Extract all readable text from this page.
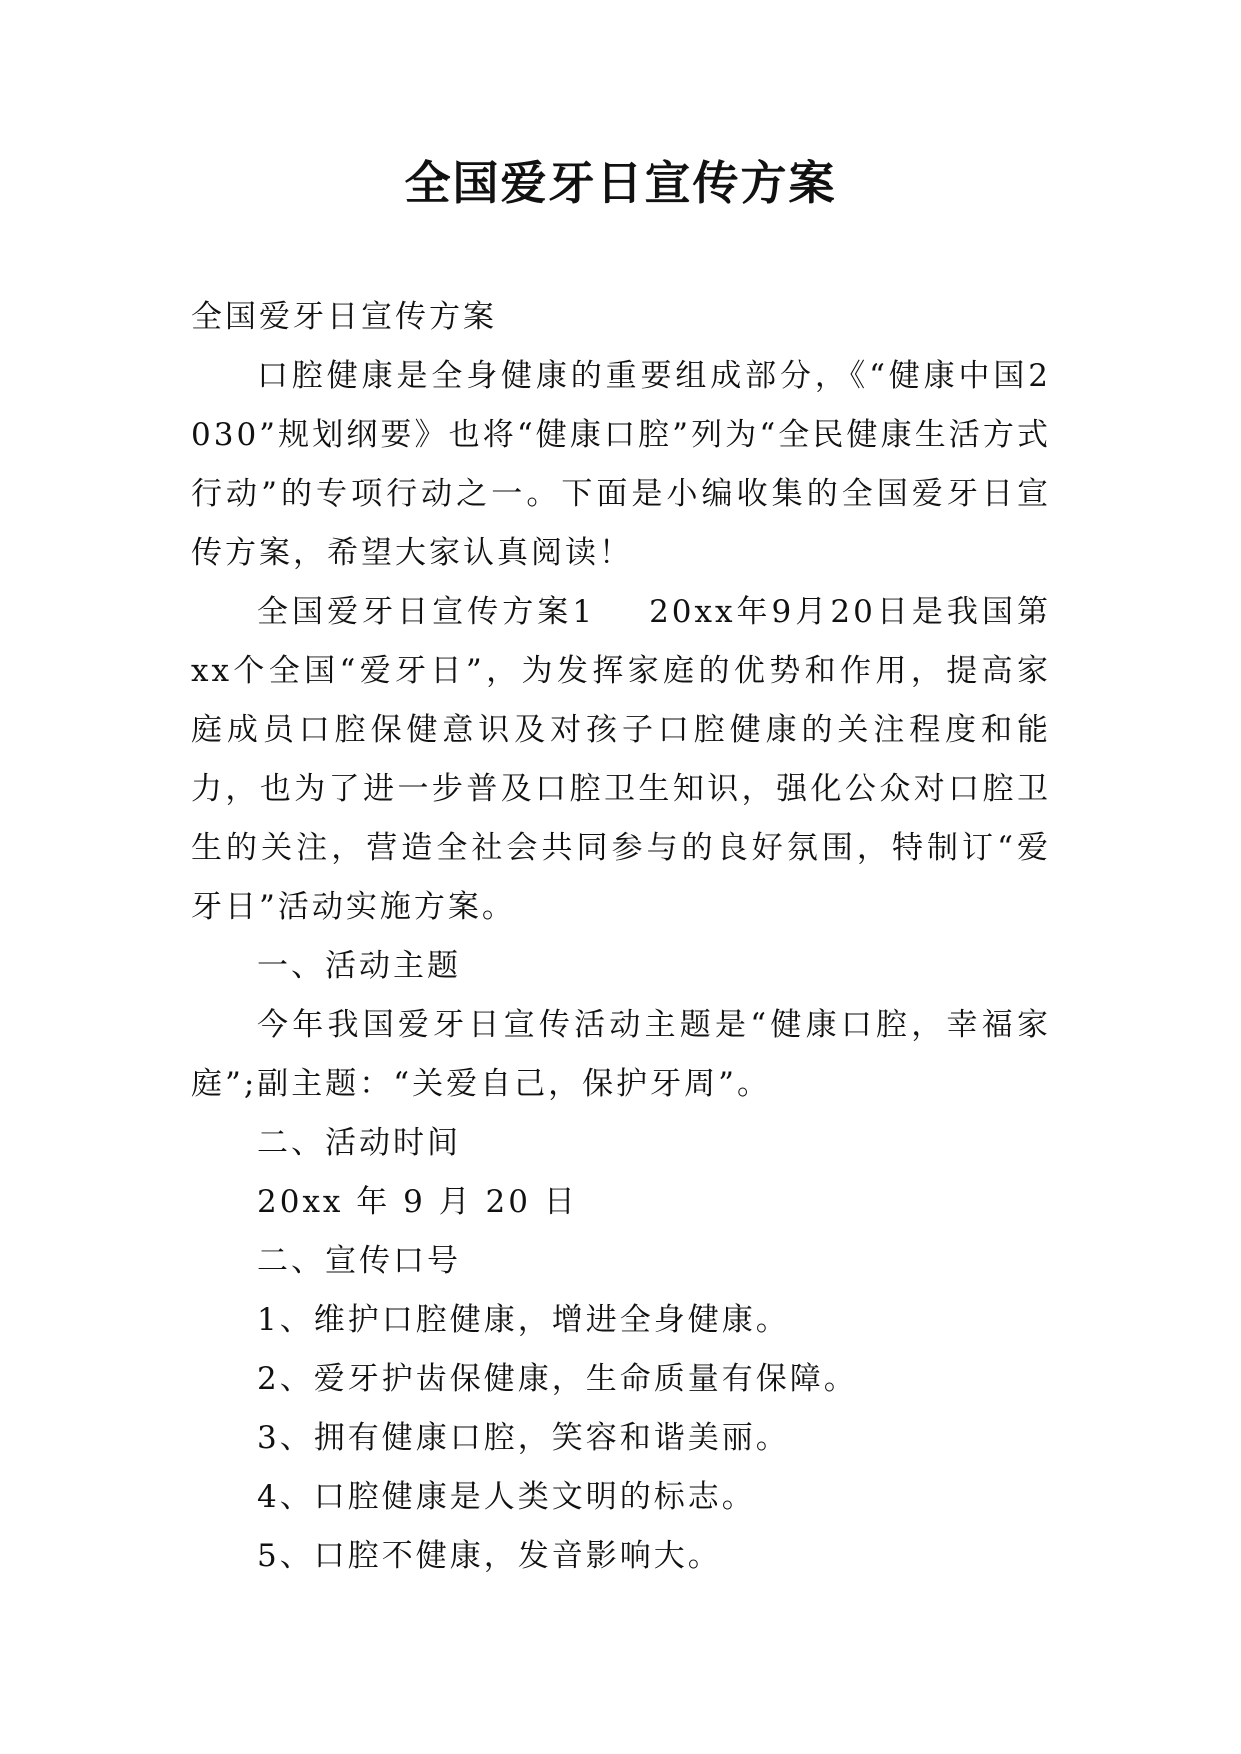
全国爱牙日宣传方案

全国爱牙日宣传方案

口腔健康是全身健康的重要组成部分，《“健康中国2030”规划纲要》也将“健康口腔”列为“全民健康生活方式行动”的专项行动之一。下面是小编收集的全国爱牙日宣传方案，希望大家认真阅读！

全国爱牙日宣传方案1 20xx年9月20日是我国第xx个全国“爱牙日”，为发挥家庭的优势和作用，提高家庭成员口腔保健意识及对孩子口腔健康的关注程度和能力，也为了进一步普及口腔卫生知识，强化公众对口腔卫生的关注，营造全社会共同参与的良好氛围，特制订“爱牙日”活动实施方案。

一、活动主题

今年我国爱牙日宣传活动主题是“健康口腔，幸福家庭”;副主题：“关爱自己，保护牙周”。

二、活动时间

20xx 年 9 月 20 日

二、宣传口号

1、维护口腔健康，增进全身健康。

2、爱牙护齿保健康，生命质量有保障。

3、拥有健康口腔，笑容和谐美丽。

4、口腔健康是人类文明的标志。

5、口腔不健康，发音影响大。
